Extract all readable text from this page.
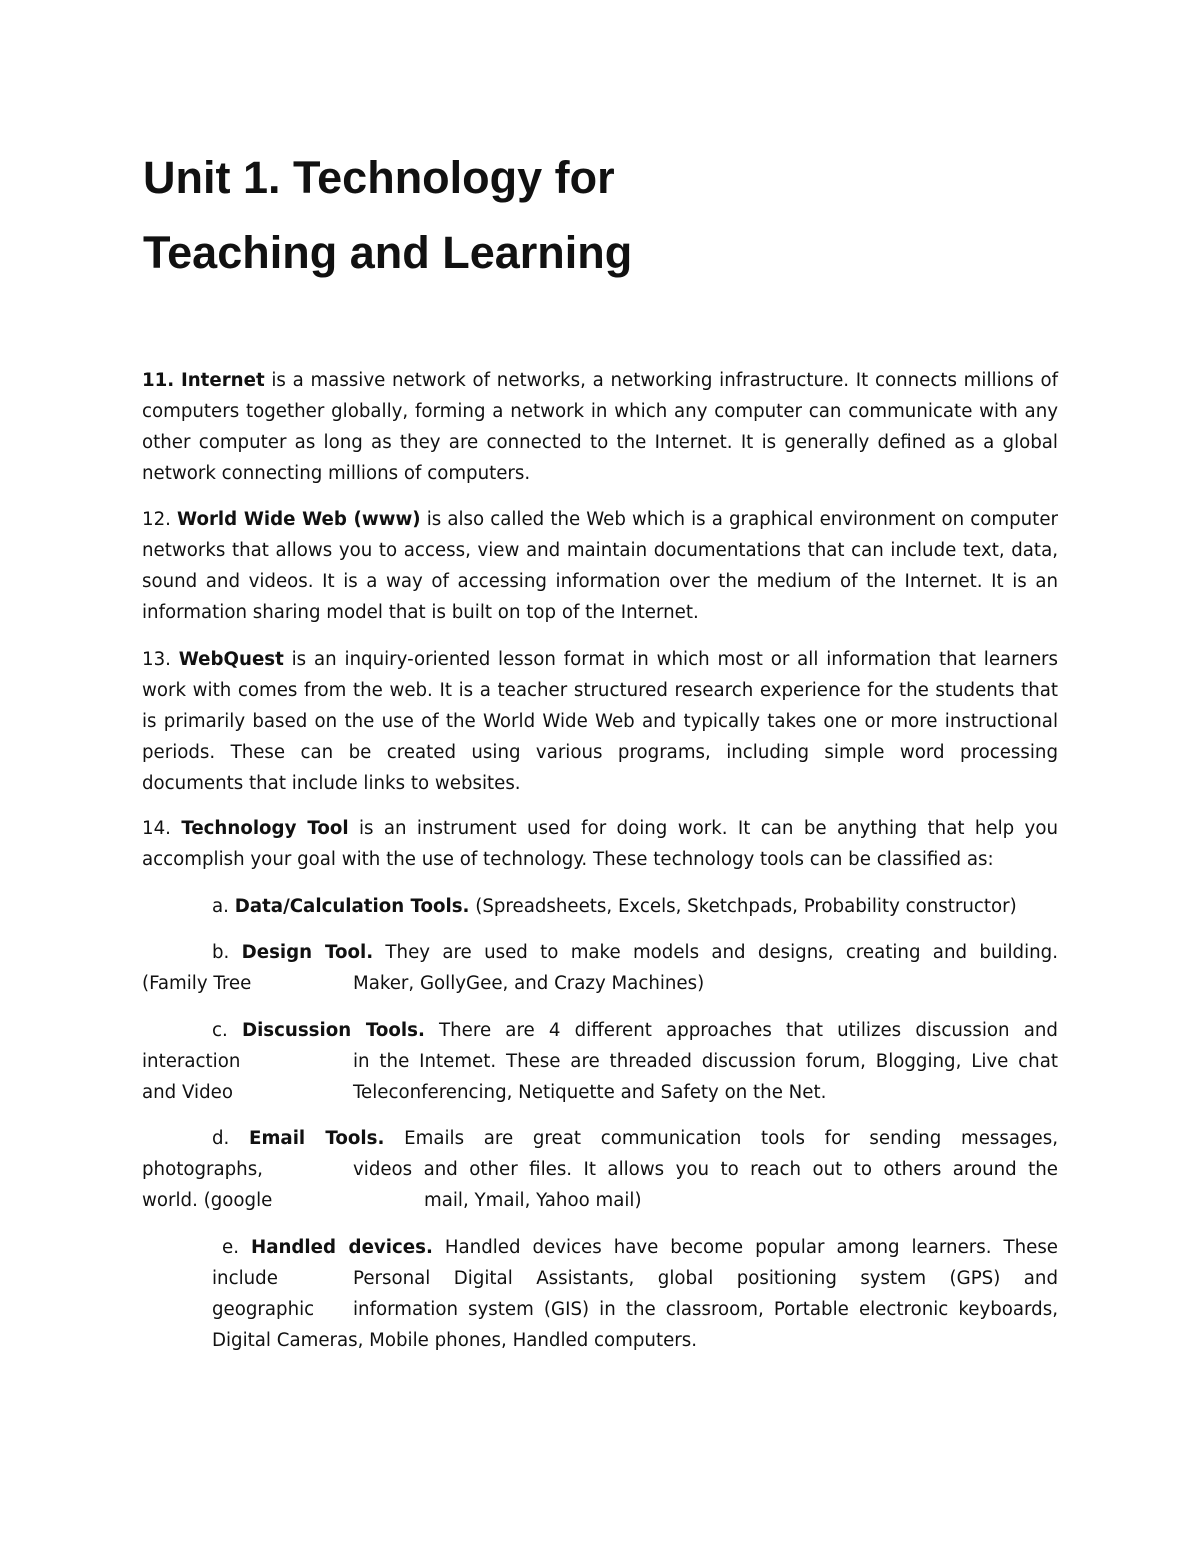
Unit 1. Technology for
Teaching and Learning

11. Internet is a massive network of networks, a networking infrastructure. It connects millions of computers together globally, forming a network in which any computer can communicate with any other computer as long as they are connected to the Internet. It is generally defined as a global network connecting millions of computers.

12. World Wide Web (www) is also called the Web which is a graphical environment on computer networks that allows you to access, view and maintain documentations that can include text, data, sound and videos. It is a way of accessing information over the medium of the Internet. It is an information sharing model that is built on top of the Internet.

13. WebQuest is an inquiry-oriented lesson format in which most or all information that learners work with comes from the web. It is a teacher structured research experience for the students that is primarily based on the use of the World Wide Web and typically takes one or more instructional periods. These can be created using various programs, including simple word processing documents that include links to websites.

14. Technology Tool is an instrument used for doing work. It can be anything that help you accomplish your goal with the use of technology. These technology tools can be classified as:

a. Data/Calculation Tools. (Spreadsheets, Excels, Sketchpads, Probability constructor)
b. Design Tool. They are used to make models and designs, creating and building.
(Family Tree	Maker, GollyGee, and Crazy Machines)
c. Discussion Tools. There are 4 different approaches that utilizes discussion and
interaction	in the Intemet. These are threaded discussion forum, Blogging, Live chat
and Video	Teleconferencing, Netiquette and Safety on the Net.
d. Email Tools. Emails are great communication tools for sending messages,
photographs,	videos and other files. It allows you to reach out to others around the
world. (google	mail, Ymail, Yahoo mail)
e. Handled devices. Handled devices have become popular among learners. These
include	Personal Digital Assistants, global positioning system (GPS) and
geographic	information system (GIS) in the classroom, Portable electronic keyboards,
Digital Cameras, Mobile phones, Handled computers.
